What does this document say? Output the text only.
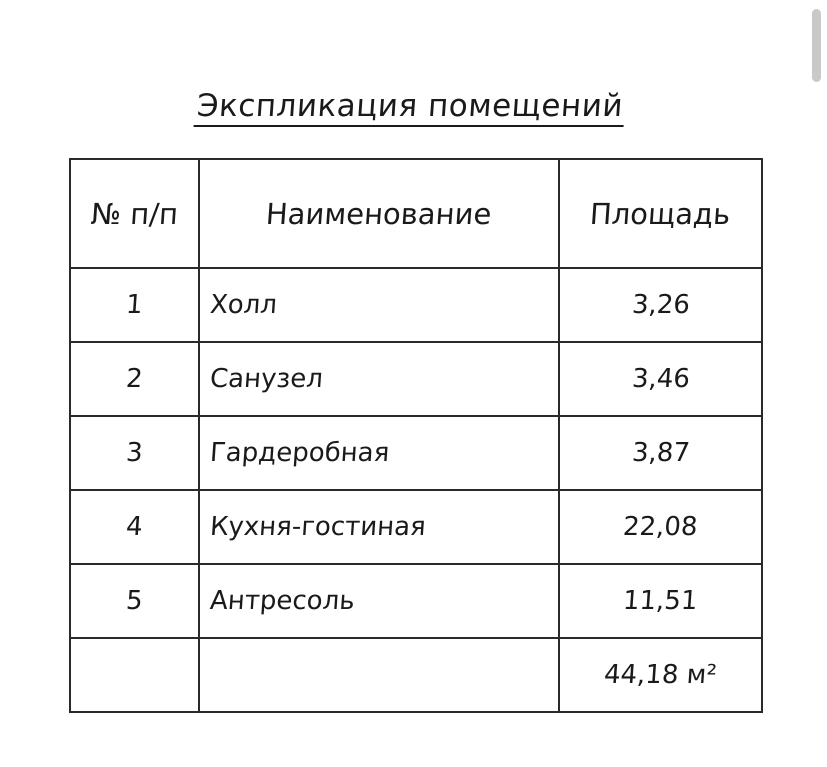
Экспликация помещений
№ п/п	Наименование	Площадь
1	Холл	3,26
2	Санузел	3,46
3	Гардеробная	3,87
4	Кухня-гостиная	22,08
5	Антресоль	11,51
		44,18 м²
